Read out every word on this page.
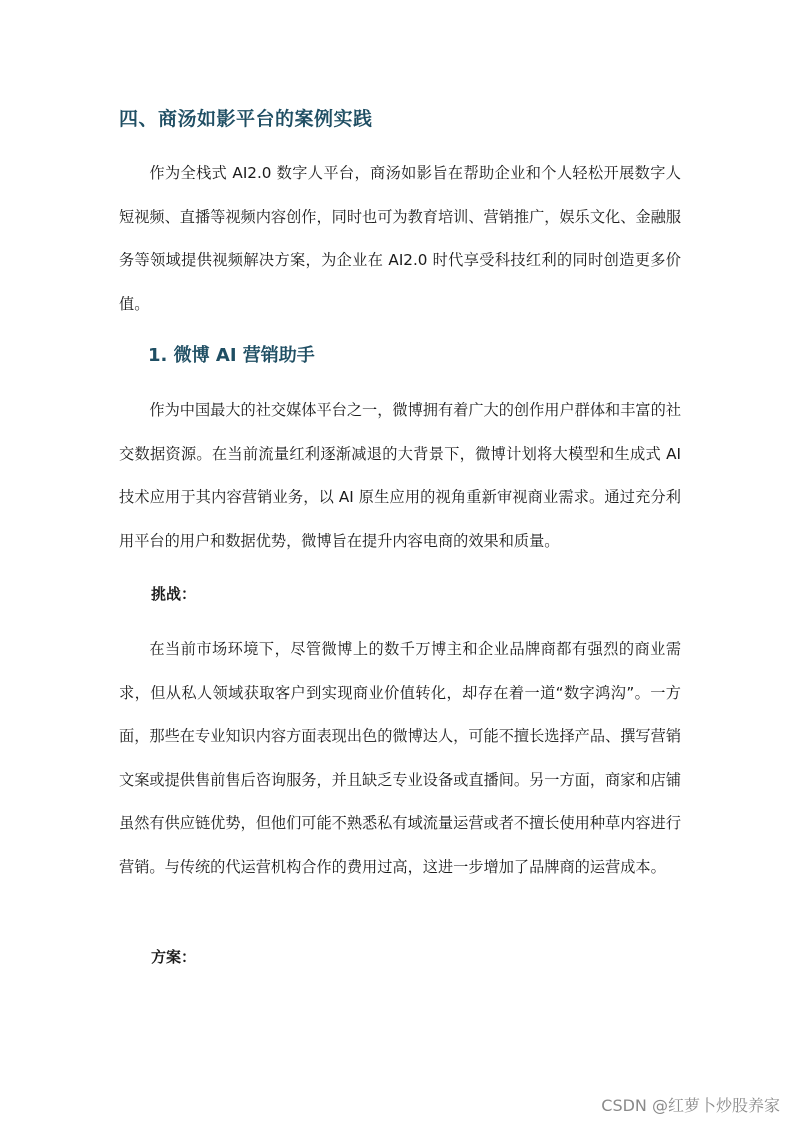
四、商汤如影平台的案例实践

作为全栈式 AI2.0 数字人平台，商汤如影旨在帮助企业和个人轻松开展数字人短视频、直播等视频内容创作，同时也可为教育培训、营销推广，娱乐文化、金融服务等领域提供视频解决方案，为企业在 AI2.0 时代享受科技红利的同时创造更多价值。

1. 微博 AI 营销助手

作为中国最大的社交媒体平台之一，微博拥有着广大的创作用户群体和丰富的社交数据资源。在当前流量红利逐渐减退的大背景下，微博计划将大模型和生成式 AI 技术应用于其内容营销业务，以 AI 原生应用的视角重新审视商业需求。通过充分利用平台的用户和数据优势，微博旨在提升内容电商的效果和质量。

挑战：

在当前市场环境下，尽管微博上的数千万博主和企业品牌商都有强烈的商业需求，但从私人领域获取客户到实现商业价值转化，却存在着一道“数字鸿沟”。一方面，那些在专业知识内容方面表现出色的微博达人，可能不擅长选择产品、撰写营销文案或提供售前售后咨询服务，并且缺乏专业设备或直播间。另一方面，商家和店铺虽然有供应链优势，但他们可能不熟悉私有域流量运营或者不擅长使用种草内容进行营销。与传统的代运营机构合作的费用过高，这进一步增加了品牌商的运营成本。

方案：
CSDN @红萝卜炒股养家
